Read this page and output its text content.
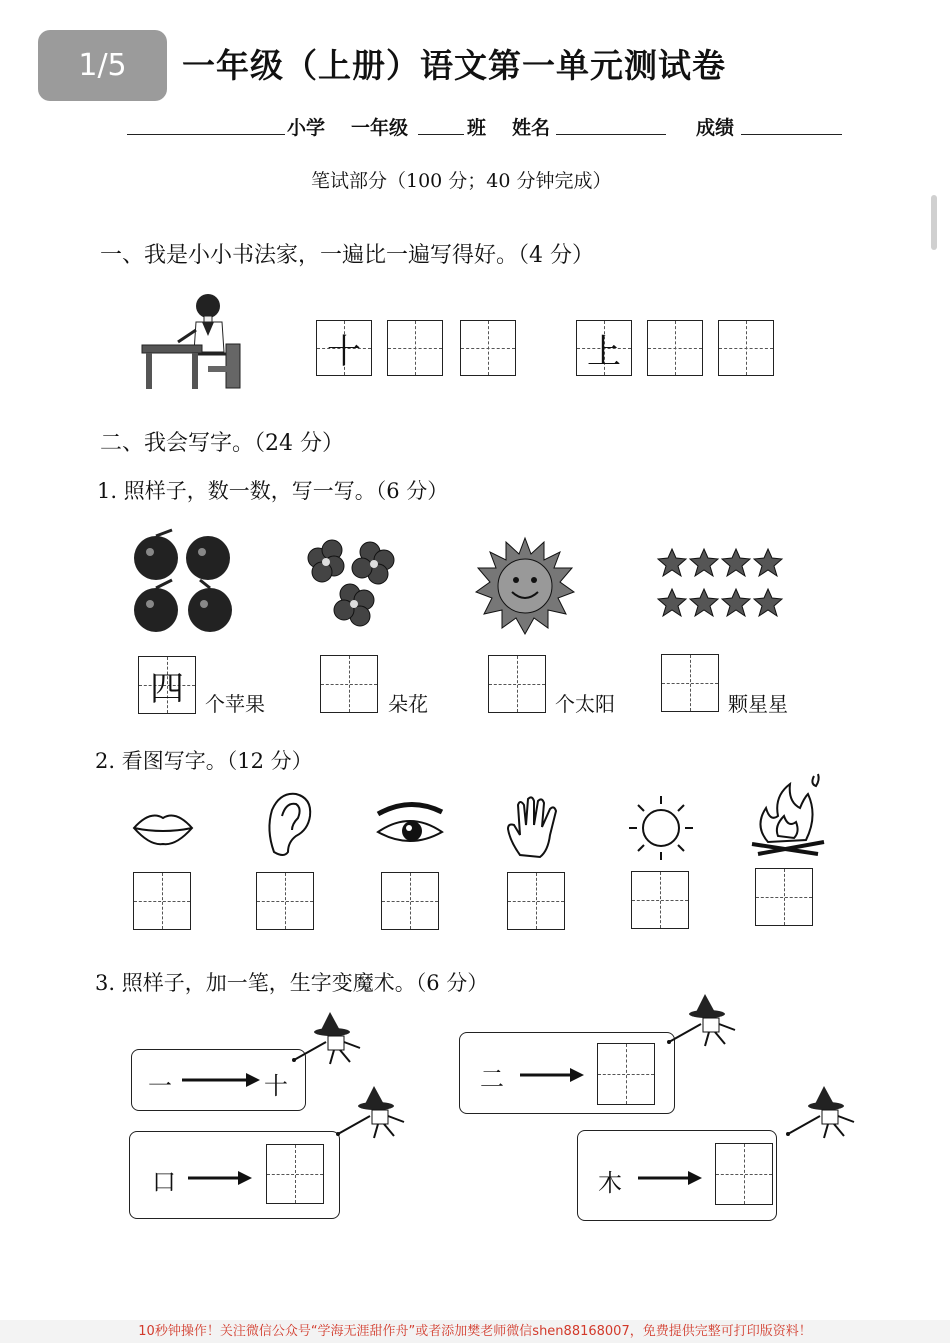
1/5	一年级（上册）语文第一单元测试卷
小学 一年级	班 姓名	成绩
笔试部分（100 分；40 分钟完成）
一、我是小小书法家，一遍比一遍写得好。（4 分）
十	上
二、我会写字。（24 分）
1. 照样子，数一数，写一写。（6 分）
四	个苹果	朵花	个太阳	颗星星
2. 看图写字。（12 分）
3. 照样子，加一笔，生字变魔术。（6 分）
一	十	二
口	木
10秒钟操作！关注微信公众号“学海无涯甜作舟”或者添加樊老师微信shen88168007，免费提供完整可打印版资料！
